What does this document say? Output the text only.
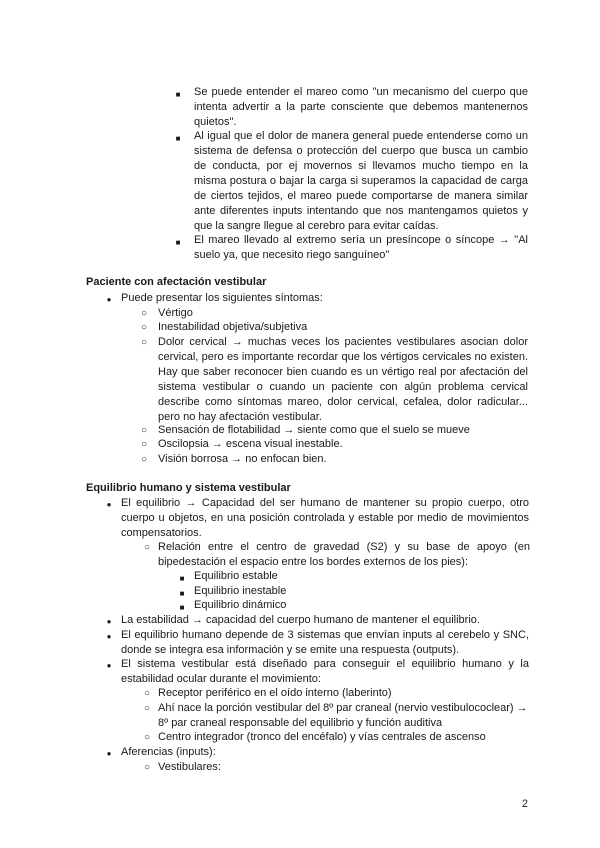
■

Se puede entender el mareo como "un mecanismo del cuerpo que intenta advertir a la parte consciente que debemos mantenernos quietos".

■

Al igual que el dolor de manera general puede entenderse como un sistema de defensa o protección del cuerpo que busca un cambio de conducta, por ej movernos si llevamos mucho tiempo en la misma postura o bajar la carga si superamos la capacidad de carga de ciertos tejidos, el mareo puede comportarse de manera similar ante diferentes inputs intentando que nos mantengamos quietos y que la sangre llegue al cerebro para evitar caídas.

■

El mareo llevado al extremo sería un presíncope o síncope → "Al suelo ya, que necesito riego sanguíneo"

Paciente con afectación vestibular

●

Puede presentar los siguientes síntomas:

○

Vértigo

○

Inestabilidad objetiva/subjetiva

○

Dolor cervical → muchas veces los pacientes vestibulares asocian dolor cervical, pero es importante recordar que los vértigos cervicales no existen. Hay que saber reconocer bien cuando es un vértigo real por afectación del sistema vestibular o cuando un paciente con algún problema cervical describe como síntomas mareo, dolor cervical, cefalea, dolor radicular... pero no hay afectación vestibular.

○

Sensación de flotabilidad → siente como que el suelo se mueve

○

Oscilopsia → escena visual inestable.

○

Visión borrosa → no enfocan bien.

Equilibrio humano y sistema vestibular

●

El equilibrio → Capacidad del ser humano de mantener su propio cuerpo, otro cuerpo u objetos, en una posición controlada y estable por medio de movimientos compensatorios.

○

Relación entre el centro de gravedad (S2) y su base de apoyo (en bipedestación el espacio entre los bordes externos de los pies):

■

Equilibrio estable

■

Equilibrio inestable

■

Equilibrio dinámico

●

La estabilidad → capacidad del cuerpo humano de mantener el equilibrio.

●

El equilibrio humano depende de 3 sistemas que envían inputs al cerebelo y SNC, donde se integra esa información y se emite una respuesta (outputs).

●

El sistema vestibular está diseñado para conseguir el equilibrio humano y la estabilidad ocular durante el movimiento:

○

Receptor periférico en el oído interno (laberinto)

○

Ahí nace la porción vestibular del 8º par craneal (nervio vestibulococlear) → 8º par craneal responsable del equilibrio y función auditiva

○

Centro integrador (tronco del encéfalo) y vías centrales de ascenso

●

Aferencias (inputs):

○

Vestibulares:

2
